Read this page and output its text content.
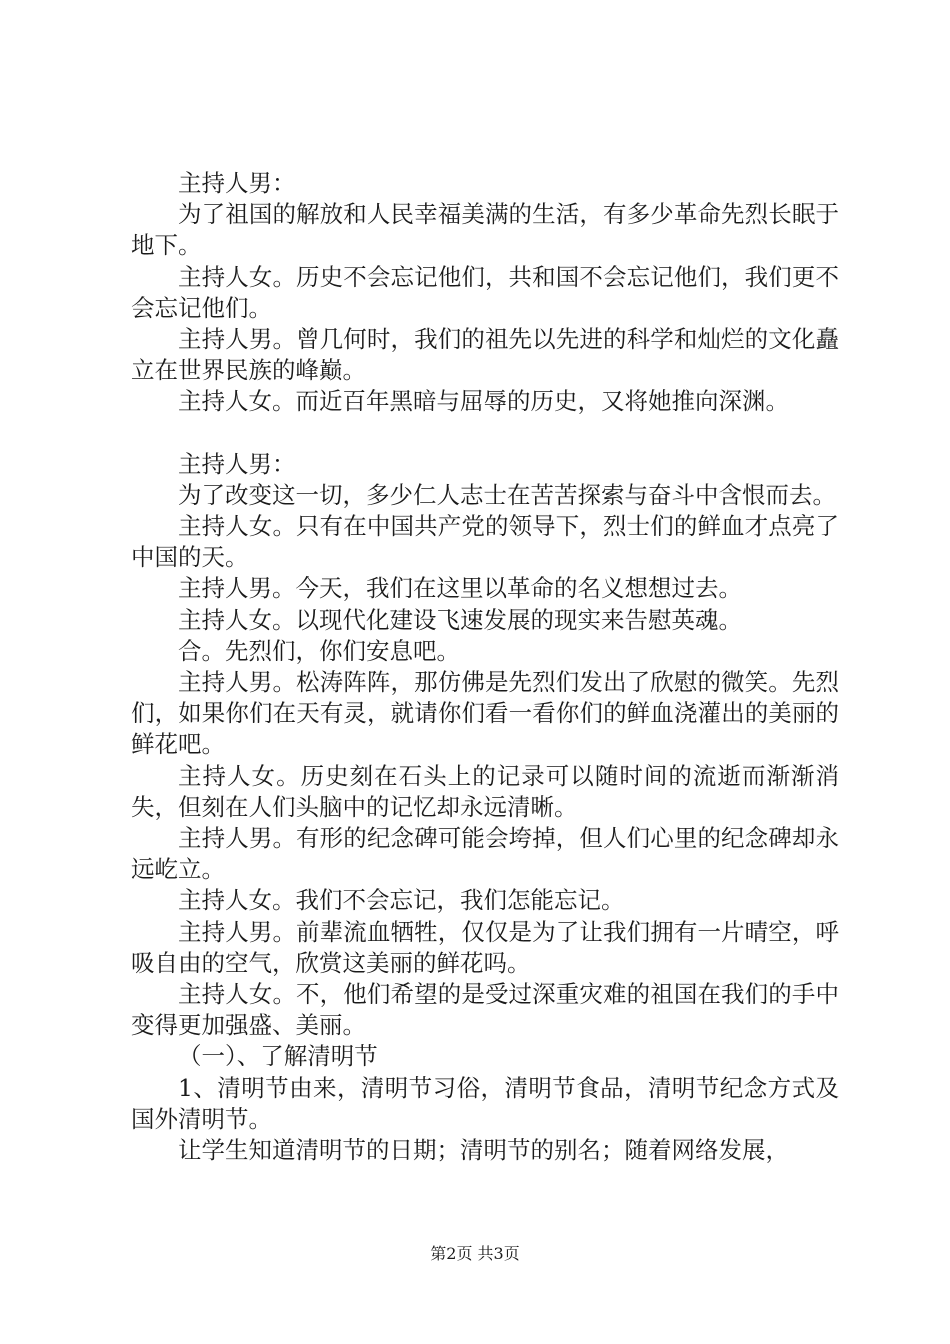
主持人男：

为了祖国的解放和人民幸福美满的生活，有多少革命先烈长眠于地下。

主持人女。历史不会忘记他们，共和国不会忘记他们，我们更不会忘记他们。

主持人男。曾几何时，我们的祖先以先进的科学和灿烂的文化矗立在世界民族的峰巅。

主持人女。而近百年黑暗与屈辱的历史，又将她推向深渊。

主持人男：

为了改变这一切，多少仁人志士在苦苦探索与奋斗中含恨而去。

主持人女。只有在中国共产党的领导下，烈士们的鲜血才点亮了中国的天。

主持人男。今天，我们在这里以革命的名义想想过去。

主持人女。以现代化建设飞速发展的现实来告慰英魂。

合。先烈们，你们安息吧。

主持人男。松涛阵阵，那仿佛是先烈们发出了欣慰的微笑。先烈们，如果你们在天有灵，就请你们看一看你们的鲜血浇灌出的美丽的鲜花吧。

主持人女。历史刻在石头上的记录可以随时间的流逝而渐渐消失，但刻在人们头脑中的记忆却永远清晰。

主持人男。有形的纪念碑可能会垮掉，但人们心里的纪念碑却永远屹立。

主持人女。我们不会忘记，我们怎能忘记。

主持人男。前辈流血牺牲，仅仅是为了让我们拥有一片晴空，呼吸自由的空气，欣赏这美丽的鲜花吗。

主持人女。不，他们希望的是受过深重灾难的祖国在我们的手中变得更加强盛、美丽。

（一）、了解清明节

1、清明节由来，清明节习俗，清明节食品，清明节纪念方式及国外清明节。

让学生知道清明节的日期；清明节的别名；随着网络发展，

第2页 共3页
